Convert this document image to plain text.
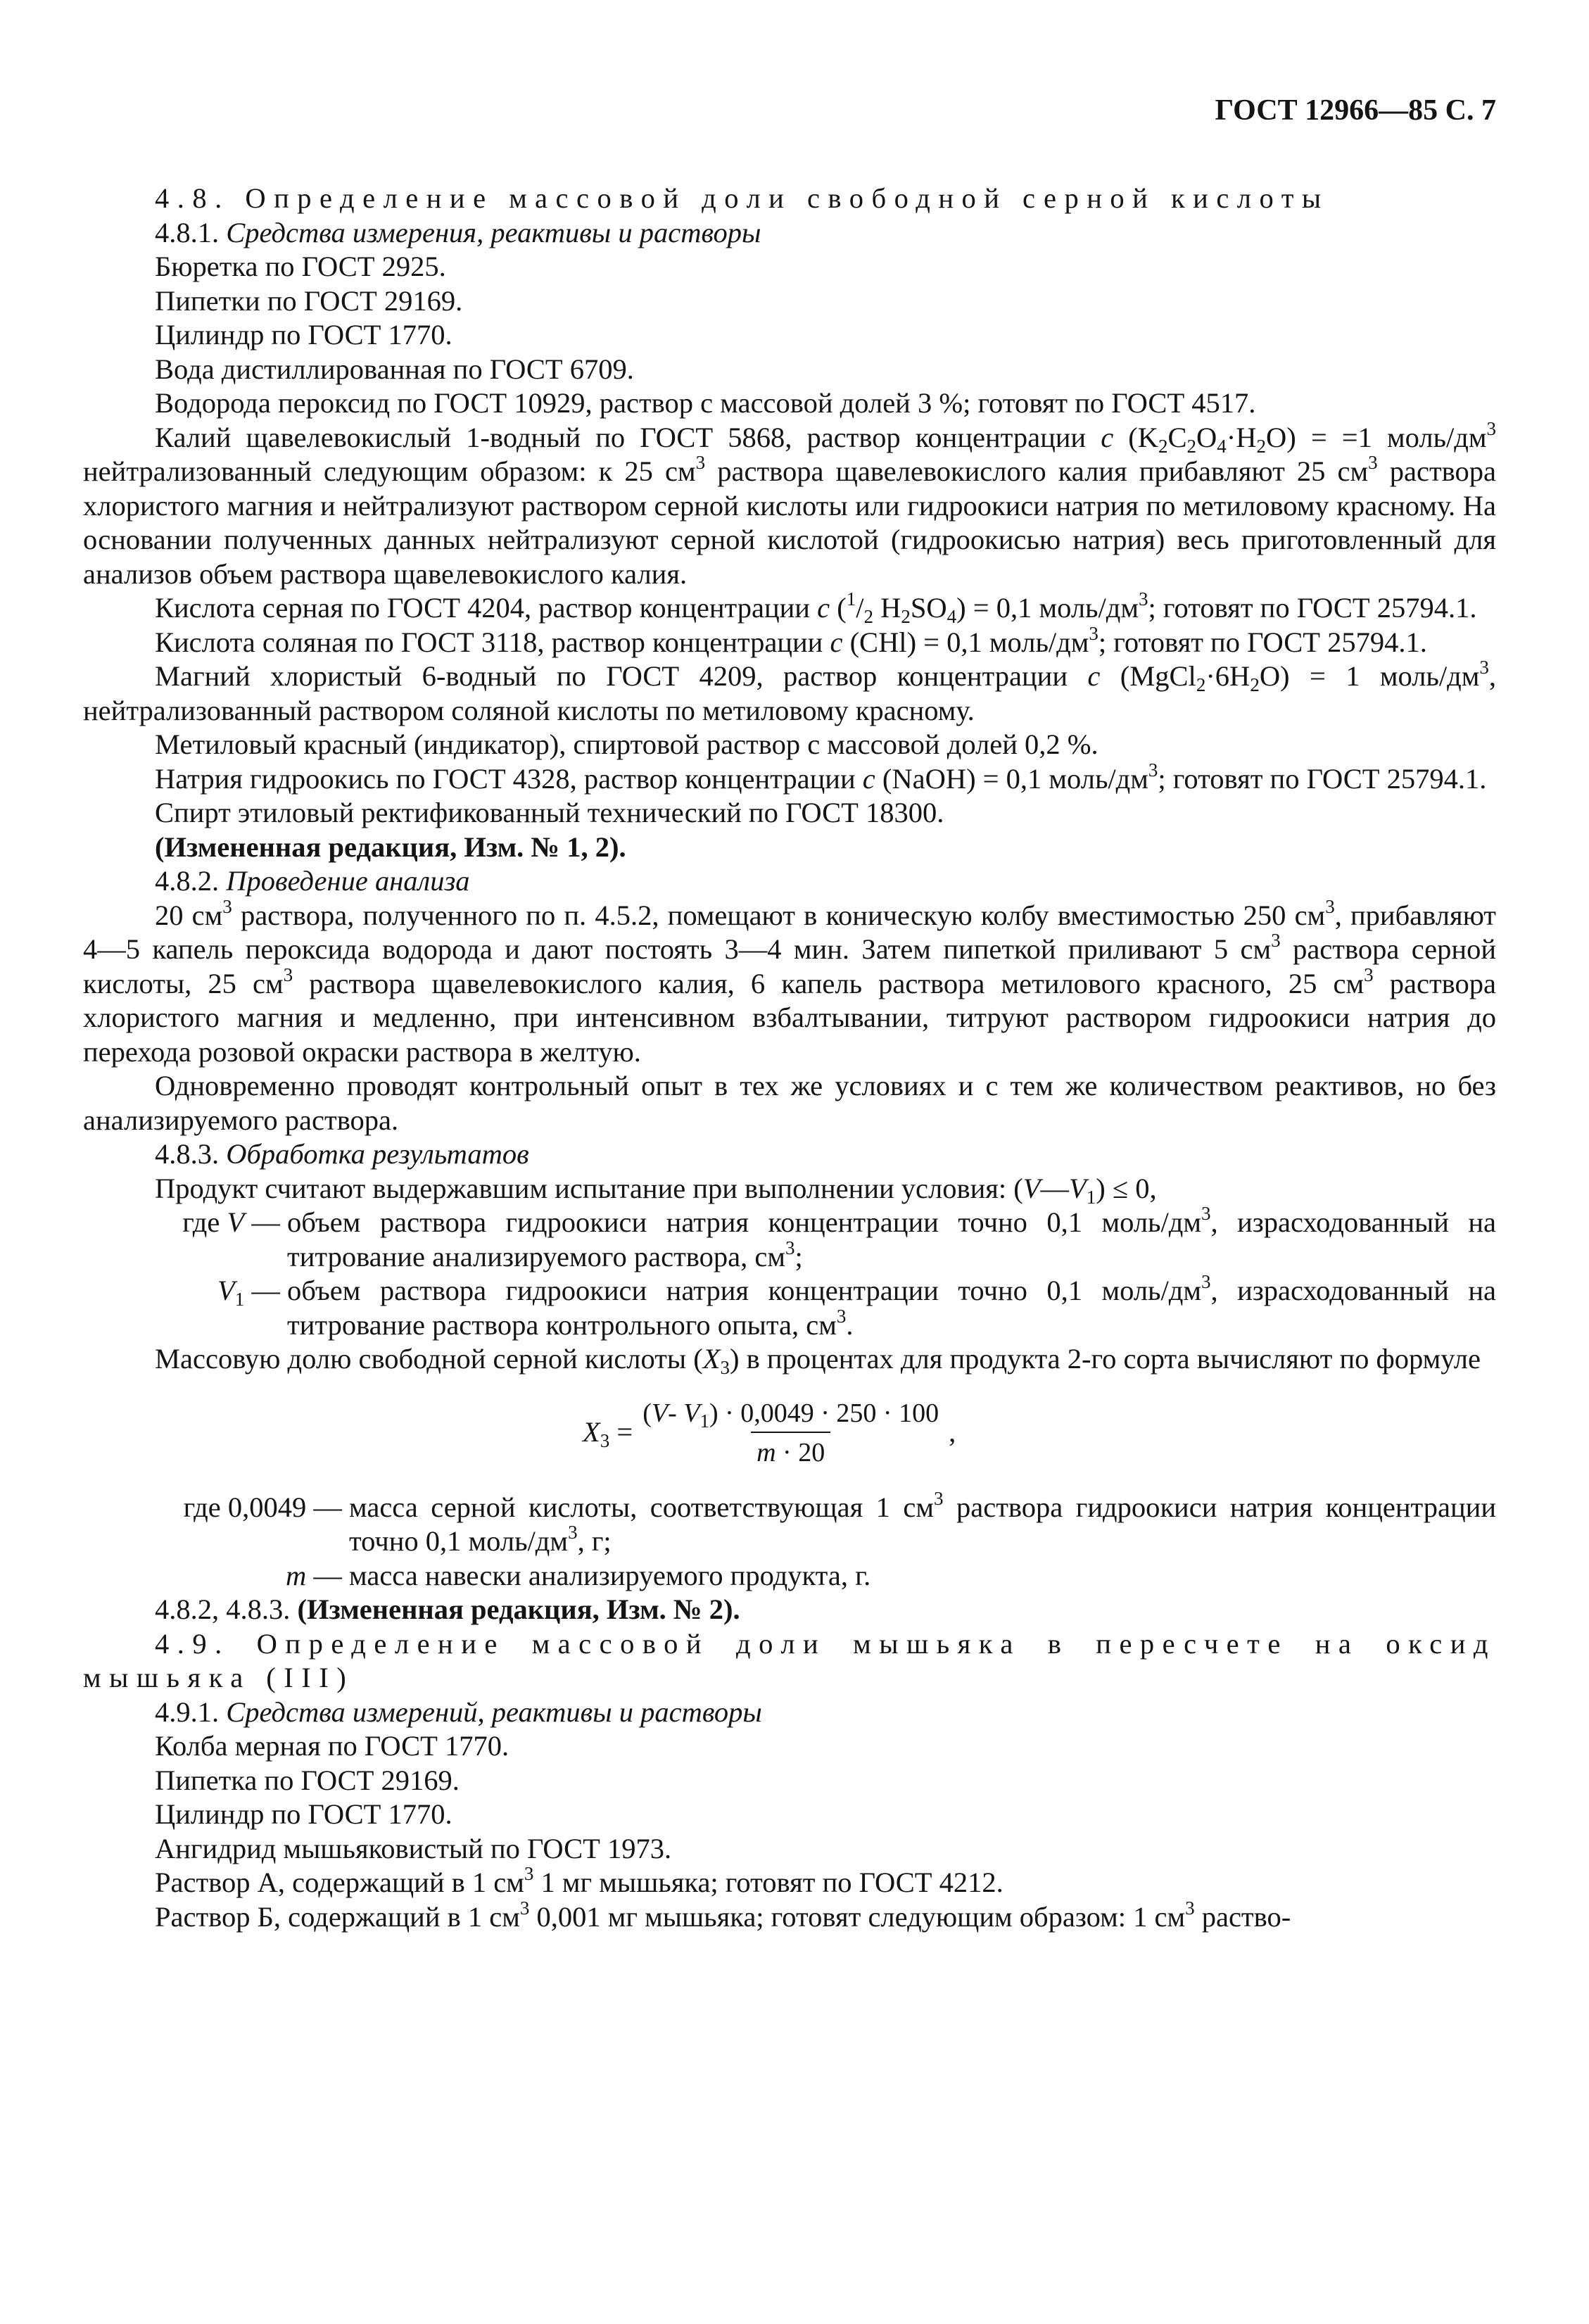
ГОСТ 12966—85 С. 7

4.8. Определение массовой доли свободной серной кислоты

4.8.1. Средства измерения, реактивы и растворы

Бюретка по ГОСТ 2925.

Пипетки по ГОСТ 29169.

Цилиндр по ГОСТ 1770.

Вода дистиллированная по ГОСТ 6709.

Водорода пероксид по ГОСТ 10929, раствор с массовой долей 3 %; готовят по ГОСТ 4517.

Калий щавелевокислый 1-водный по ГОСТ 5868, раствор концентрации c $(K_2C_2O_4\cdot H_2O) = =1$ моль/$дм^3$ нейтрализованный следующим образом: к 25 $см^3$ раствора щавелевокислого калия прибавляют 25 $см^3$ раствора хлористого магния и нейтрализуют раствором серной кислоты или гидроокиси натрия по метиловому красному. На основании полученных данных нейтрализуют серной кислотой (гидроокисью натрия) весь приготовленный для анализов объем раствора щавелевокислого калия.

Кислота серная по ГОСТ 4204, раствор концентрации c ($^1/_2$ $H_2SO_4) = 0,1$ моль/$дм^3$; готовят по ГОСТ 25794.1.

Кислота соляная по ГОСТ 3118, раствор концентрации c (CHl) = 0,1 моль/$дм^3$; готовят по ГОСТ 25794.1.

Магний хлористый 6-водный по ГОСТ 4209, раствор концентрации c $(MgCl_2\cdot 6H_2O) = 1$ моль/$дм^3$, нейтрализованный раствором соляной кислоты по метиловому красному.

Метиловый красный (индикатор), спиртовой раствор с массовой долей 0,2 %.

Натрия гидроокись по ГОСТ 4328, раствор концентрации c (NaOH) = 0,1 моль/$дм^3$; готовят по ГОСТ 25794.1.

Спирт этиловый ректификованный технический по ГОСТ 18300.

(Измененная редакция, Изм. № 1, 2).

4.8.2. Проведение анализа

20 $см^3$ раствора, полученного по п. 4.5.2, помещают в коническую колбу вместимостью 250 $см^3$, прибавляют 4—5 капель пероксида водорода и дают постоять 3—4 мин. Затем пипеткой приливают 5 $см^3$ раствора серной кислоты, 25 $см^3$ раствора щавелевокислого калия, 6 капель раствора метилового красного, 25 $см^3$ раствора хлористого магния и медленно, при интенсивном взбалтывании, титруют раствором гидроокиси натрия до перехода розовой окраски раствора в желтую.

Одновременно проводят контрольный опыт в тех же условиях и с тем же количеством реактивов, но без анализируемого раствора.

4.8.3. Обработка результатов

Продукт считают выдержавшим испытание при выполнении условия: $(V—V_1) \le 0$,

где V — объем раствора гидроокиси натрия концентрации точно 0,1 моль/$дм^3$, израсходованный на титрование анализируемого раствора, $см^3$;
$V_1$ — объем раствора гидроокиси натрия концентрации точно 0,1 моль/$дм^3$, израсходованный на титрование раствора контрольного опыта, $см^3$.

Массовую долю свободной серной кислоты $(X_3)$ в процентах для продукта 2-го сорта вычисляют по формуле

$X_3 = \frac{(V- V_1) \cdot 0,0049 \cdot 250 \cdot 100}{m \cdot 20}$ ,
где 0,0049 — масса серной кислоты, соответствующая 1 $см^3$ раствора гидроокиси натрия концентрации точно 0,1 моль/$дм^3$, г;
m — масса навески анализируемого продукта, г.

4.8.2, 4.8.3. (Измененная редакция, Изм. № 2).

4.9. Определение массовой доли мышьяка в пересчете на оксид мышьяка (III)

4.9.1. Средства измерений, реактивы и растворы

Колба мерная по ГОСТ 1770.

Пипетка по ГОСТ 29169.

Цилиндр по ГОСТ 1770.

Ангидрид мышьяковистый по ГОСТ 1973.

Раствор А, содержащий в 1 $см^3$ 1 мг мышьяка; готовят по ГОСТ 4212.

Раствор Б, содержащий в 1 $см^3$ 0,001 мг мышьяка; готовят следующим образом: 1 $см^3$ раство-
